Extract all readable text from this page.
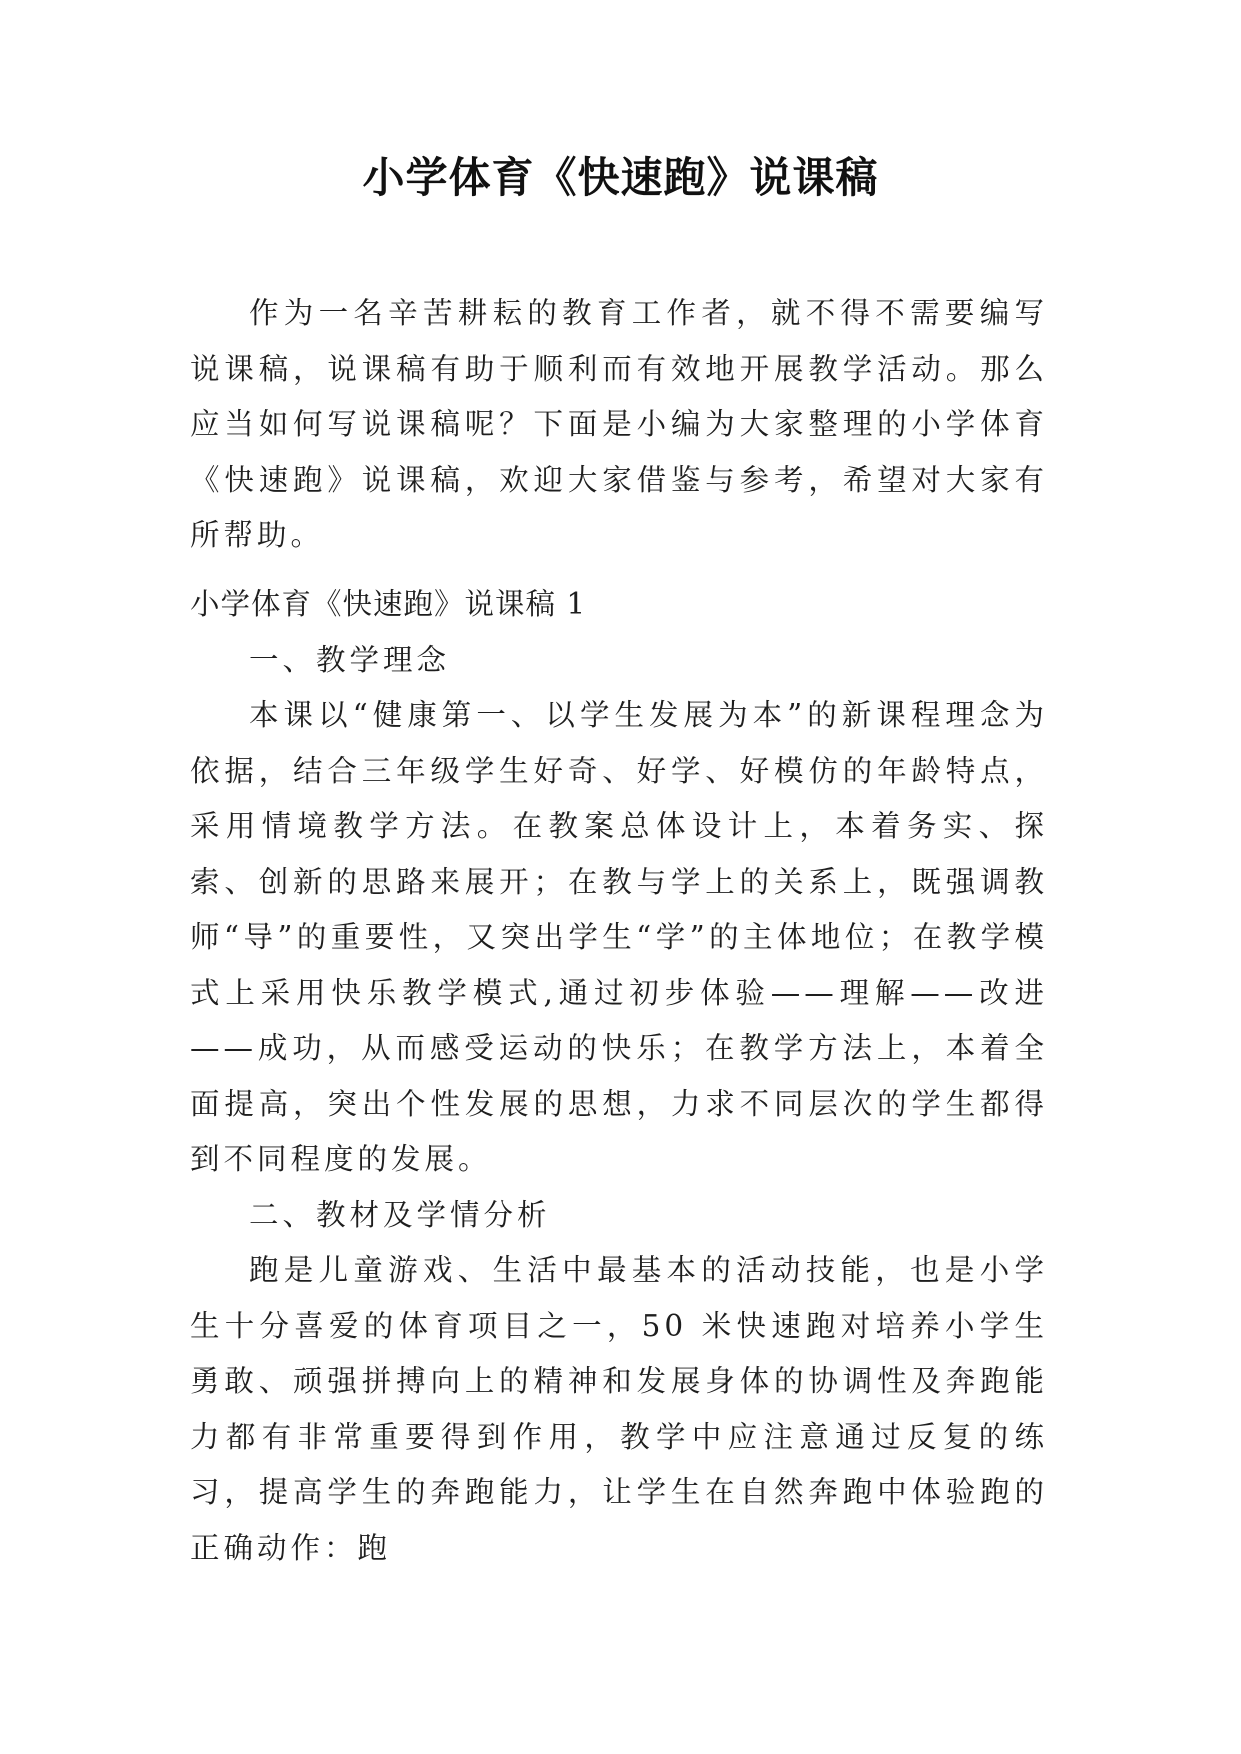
小学体育《快速跑》说课稿

作为一名辛苦耕耘的教育工作者，就不得不需要编写说课稿，说课稿有助于顺利而有效地开展教学活动。那么应当如何写说课稿呢？下面是小编为大家整理的小学体育《快速跑》说课稿，欢迎大家借鉴与参考，希望对大家有所帮助。

小学体育《快速跑》说课稿 1

一、教学理念

本课以“健康第一、以学生发展为本”的新课程理念为依据，结合三年级学生好奇、好学、好模仿的年龄特点，采用情境教学方法。在教案总体设计上，本着务实、探索、创新的思路来展开；在教与学上的关系上，既强调教师“导”的重要性，又突出学生“学”的主体地位；在教学模式上采用快乐教学模式,通过初步体验——理解——改进——成功，从而感受运动的快乐；在教学方法上，本着全面提高，突出个性发展的思想，力求不同层次的学生都得到不同程度的发展。

二、教材及学情分析

跑是儿童游戏、生活中最基本的活动技能，也是小学生十分喜爱的体育项目之一，50 米快速跑对培养小学生勇敢、顽强拼搏向上的精神和发展身体的协调性及奔跑能力都有非常重要得到作用，教学中应注意通过反复的练习，提高学生的奔跑能力，让学生在自然奔跑中体验跑的正确动作：跑
